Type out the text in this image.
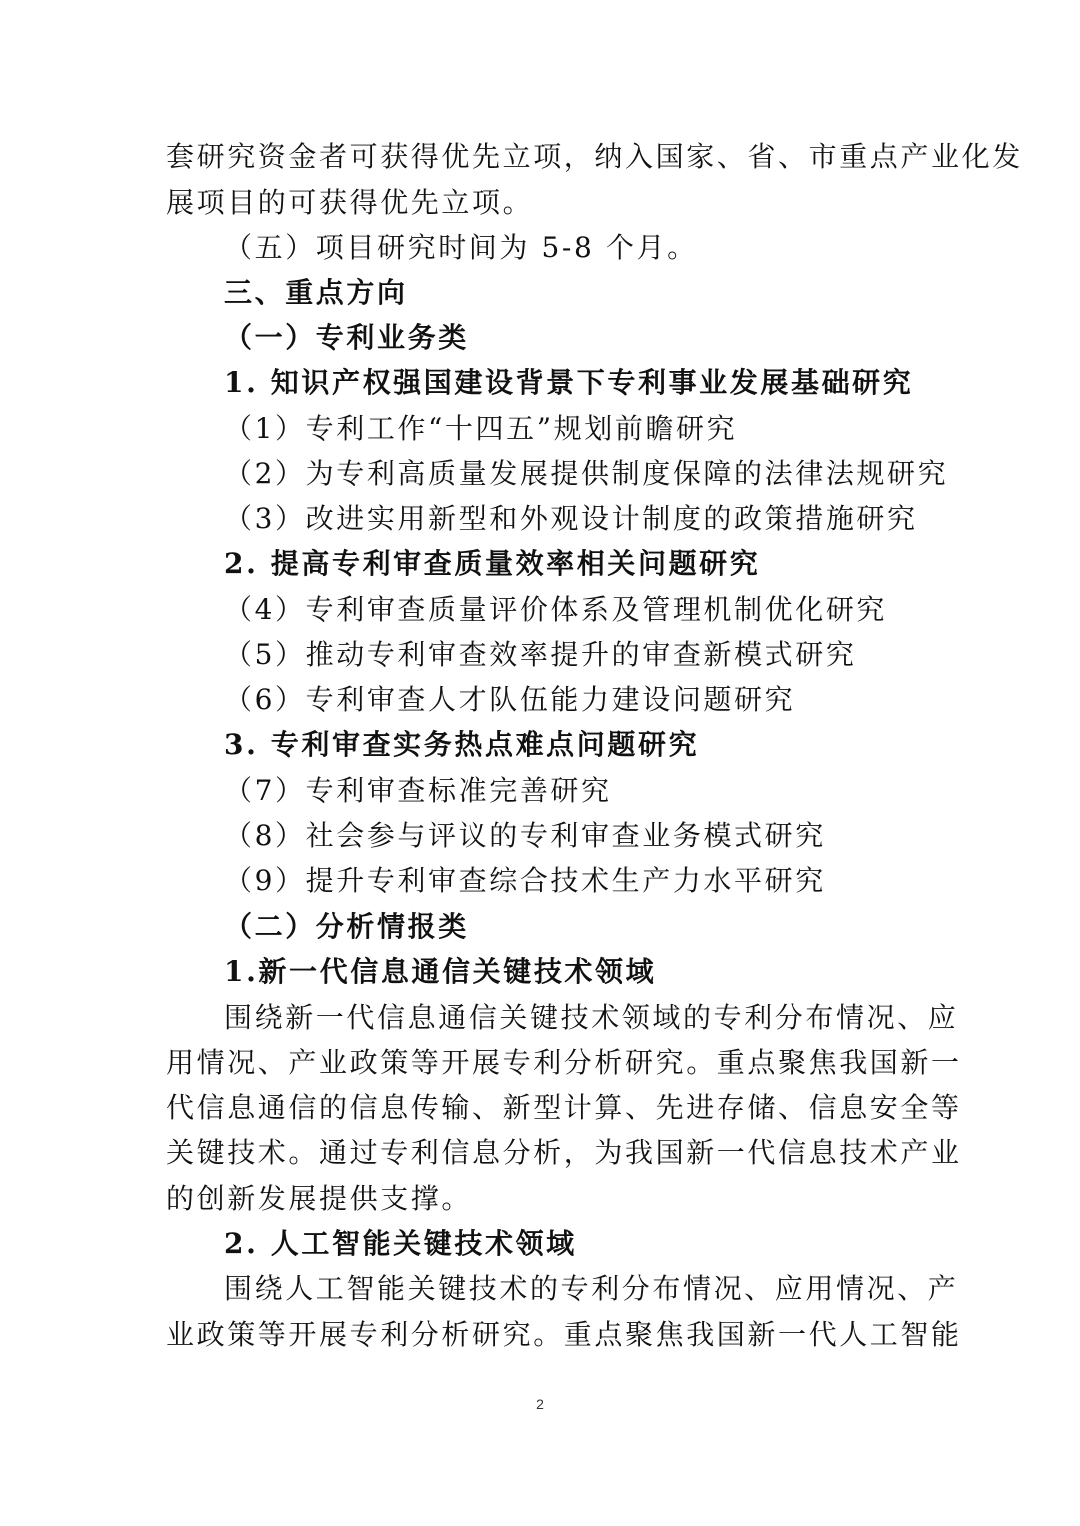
套研究资金者可获得优先立项，纳入国家、省、市重点产业化发
展项目的可获得优先立项。
（五）项目研究时间为 5-8 个月。
三、重点方向
（一）专利业务类
1. 知识产权强国建设背景下专利事业发展基础研究
（1）专利工作“十四五”规划前瞻研究
（2）为专利高质量发展提供制度保障的法律法规研究
（3）改进实用新型和外观设计制度的政策措施研究
2. 提高专利审查质量效率相关问题研究
（4）专利审查质量评价体系及管理机制优化研究
（5）推动专利审查效率提升的审查新模式研究
（6）专利审查人才队伍能力建设问题研究
3. 专利审查实务热点难点问题研究
（7）专利审查标准完善研究
（8）社会参与评议的专利审查业务模式研究
（9）提升专利审查综合技术生产力水平研究
（二）分析情报类
1.新一代信息通信关键技术领域
围绕新一代信息通信关键技术领域的专利分布情况、应
用情况、产业政策等开展专利分析研究。重点聚焦我国新一
代信息通信的信息传输、新型计算、先进存储、信息安全等
关键技术。通过专利信息分析，为我国新一代信息技术产业
的创新发展提供支撑。
2. 人工智能关键技术领域
围绕人工智能关键技术的专利分布情况、应用情况、产
业政策等开展专利分析研究。重点聚焦我国新一代人工智能
2
